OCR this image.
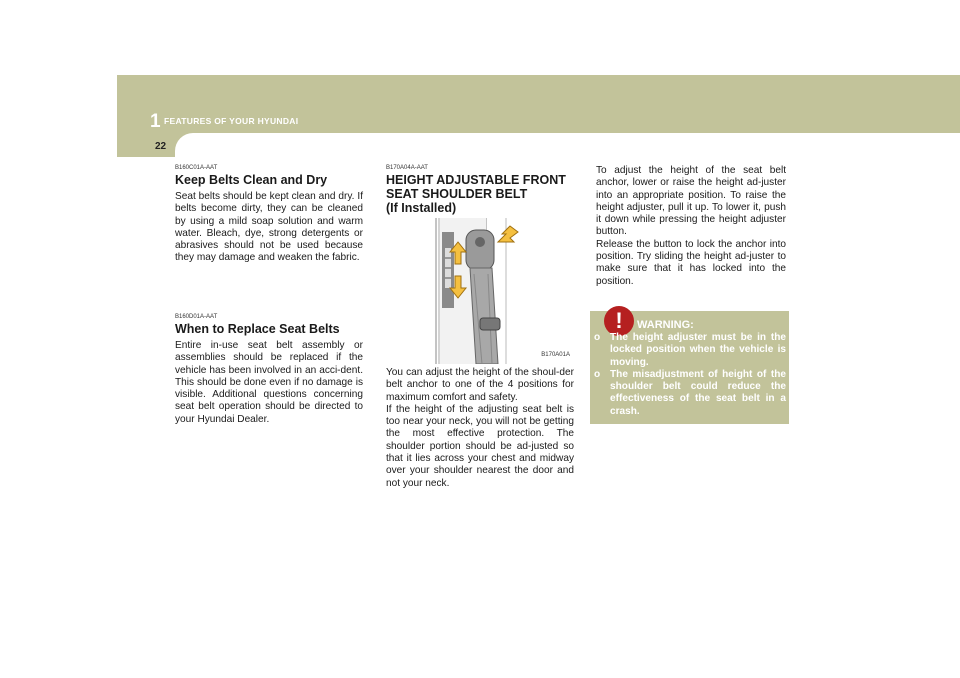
1 FEATURES OF YOUR HYUNDAI
22
B160C01A-AAT
Keep Belts Clean and Dry

Seat belts should be kept clean and dry. If belts become dirty, they can be cleaned by using a mild soap solution and warm water. Bleach, dye, strong detergents or abrasives should not be used because they may damage and weaken the fabric.

B160D01A-AAT
When to Replace Seat Belts

Entire in-use seat belt assembly or assemblies should be replaced if the vehicle has been involved in an acci-dent. This should be done even if no damage is visible. Additional questions concerning seat belt operation should be directed to your Hyundai Dealer.

B170A04A-AAT
HEIGHT ADJUSTABLE FRONT
SEAT SHOULDER BELT
(If Installed)
B170A01A

You can adjust the height of the shoul-der belt anchor to one of the 4 positions for maximum comfort and safety.
If the height of the adjusting seat belt is too near your neck, you will not be getting the most effective protection. The shoulder portion should be ad-justed so that it lies across your chest and midway over your shoulder nearest the door and not your neck.

To adjust the height of the seat belt anchor, lower or raise the height ad-juster into an appropriate position. To raise the height adjuster, pull it up. To lower it, push it down while pressing the height adjuster button.
Release the button to lock the anchor into position. Try sliding the height ad-juster to make sure that it has locked into the position.

!	WARNING:
o The height adjuster must be in the locked position when the vehicle is moving.
o The misadjustment of height of the shoulder belt could reduce the effectiveness of the seat belt in a crash.
